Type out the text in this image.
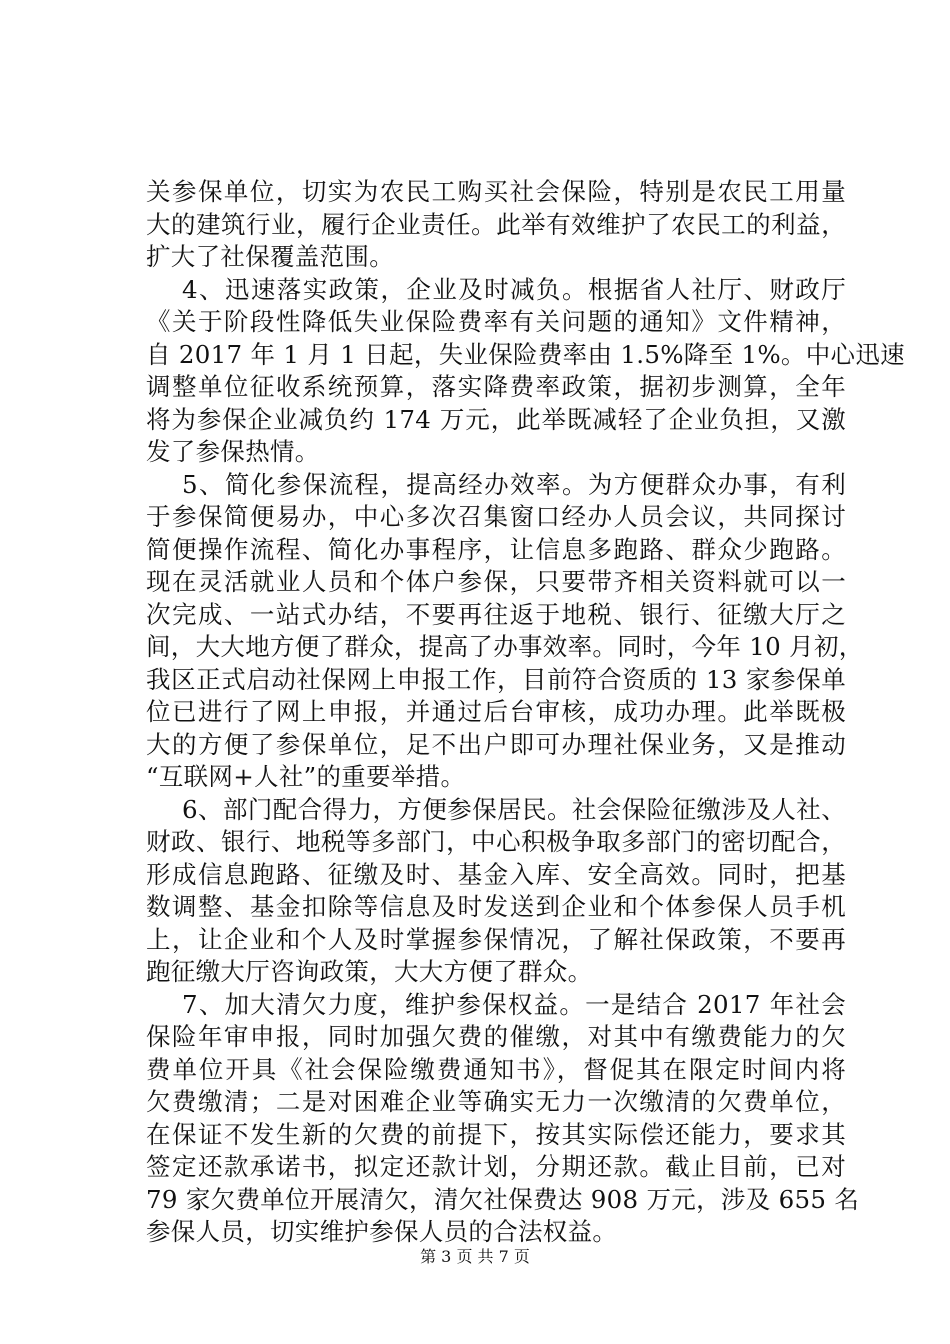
关参保单位，切实为农民工购买社会保险，特别是农民工用量
大的建筑行业，履行企业责任。此举有效维护了农民工的利益，
扩大了社保覆盖范围。
4、迅速落实政策，企业及时减负。根据省人社厅、财政厅
《关于阶段性降低失业保险费率有关问题的通知》文件精神，
自 2017 年 1 月 1 日起，失业保险费率由 1.5%降至 1%。中心迅速
调整单位征收系统预算，落实降费率政策，据初步测算，全年
将为参保企业减负约 174 万元，此举既减轻了企业负担，又激
发了参保热情。
5、简化参保流程，提高经办效率。为方便群众办事，有利
于参保简便易办，中心多次召集窗口经办人员会议，共同探讨
简便操作流程、简化办事程序，让信息多跑路、群众少跑路。
现在灵活就业人员和个体户参保，只要带齐相关资料就可以一
次完成、一站式办结，不要再往返于地税、银行、征缴大厅之
间，大大地方便了群众，提高了办事效率。同时，今年 10 月初，
我区正式启动社保网上申报工作，目前符合资质的 13 家参保单
位已进行了网上申报，并通过后台审核，成功办理。此举既极
大的方便了参保单位，足不出户即可办理社保业务，又是推动
“互联网+人社”的重要举措。
6、部门配合得力，方便参保居民。社会保险征缴涉及人社、
财政、银行、地税等多部门，中心积极争取多部门的密切配合，
形成信息跑路、征缴及时、基金入库、安全高效。同时，把基
数调整、基金扣除等信息及时发送到企业和个体参保人员手机
上，让企业和个人及时掌握参保情况，了解社保政策，不要再
跑征缴大厅咨询政策，大大方便了群众。
7、加大清欠力度，维护参保权益。一是结合 2017 年社会
保险年审申报，同时加强欠费的催缴，对其中有缴费能力的欠
费单位开具《社会保险缴费通知书》，督促其在限定时间内将
欠费缴清；二是对困难企业等确实无力一次缴清的欠费单位，
在保证不发生新的欠费的前提下，按其实际偿还能力，要求其
签定还款承诺书，拟定还款计划，分期还款。截止目前，已对
79 家欠费单位开展清欠，清欠社保费达 908 万元，涉及 655 名
参保人员，切实维护参保人员的合法权益。
第 3 页 共 7 页
